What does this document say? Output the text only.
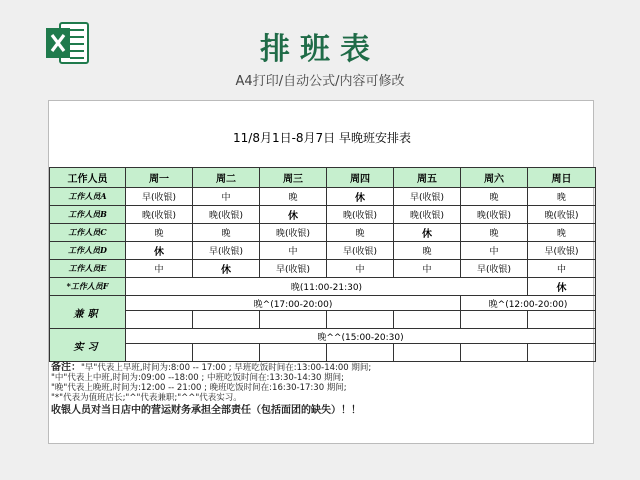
排班表
A4打印/自动公式/内容可修改
11/8月1日-8月7日 早晚班安排表
工作人员	周一	周二	周三	周四	周五	周六	周日
工作人员A	早(收银)	中	晚	休	早(收银)	晚	晚
工作人员B	晚(收银)	晚(收银)	休	晚(收银)	晚(收银)	晚(收银)	晚(收银)
工作人员C	晚	晚	晚(收银)	晚	休	晚	晚
工作人员D	休	早(收银)	中	早(收银)	晚	中	早(收银)
工作人员E	中	休	早(收银)	中	中	早(收银)	中
*工作人员F	晚(11:00-21:30)						休
兼职	晚^(17:00-20:00)					晚^(12:00-20:00)	

实习	晚^^(15:00-20:30)						

备注："早"代表上早班,时间为:8:00 -- 17:00 ; 早班吃饭时间在:13:00-14:00 期间;
"中"代表上中班,时间为:09:00 --18:00 ; 中班吃饭时间在:13:30-14:30 期间;
"晚"代表上晚班,时间为:12:00 -- 21:00 ; 晚班吃饭时间在:16:30-17:30 期间;
"*"代表为值班店长;"^"代表兼职;"^^"代表实习。
收银人员对当日店中的营运财务承担全部责任（包括面团的缺失）！！
